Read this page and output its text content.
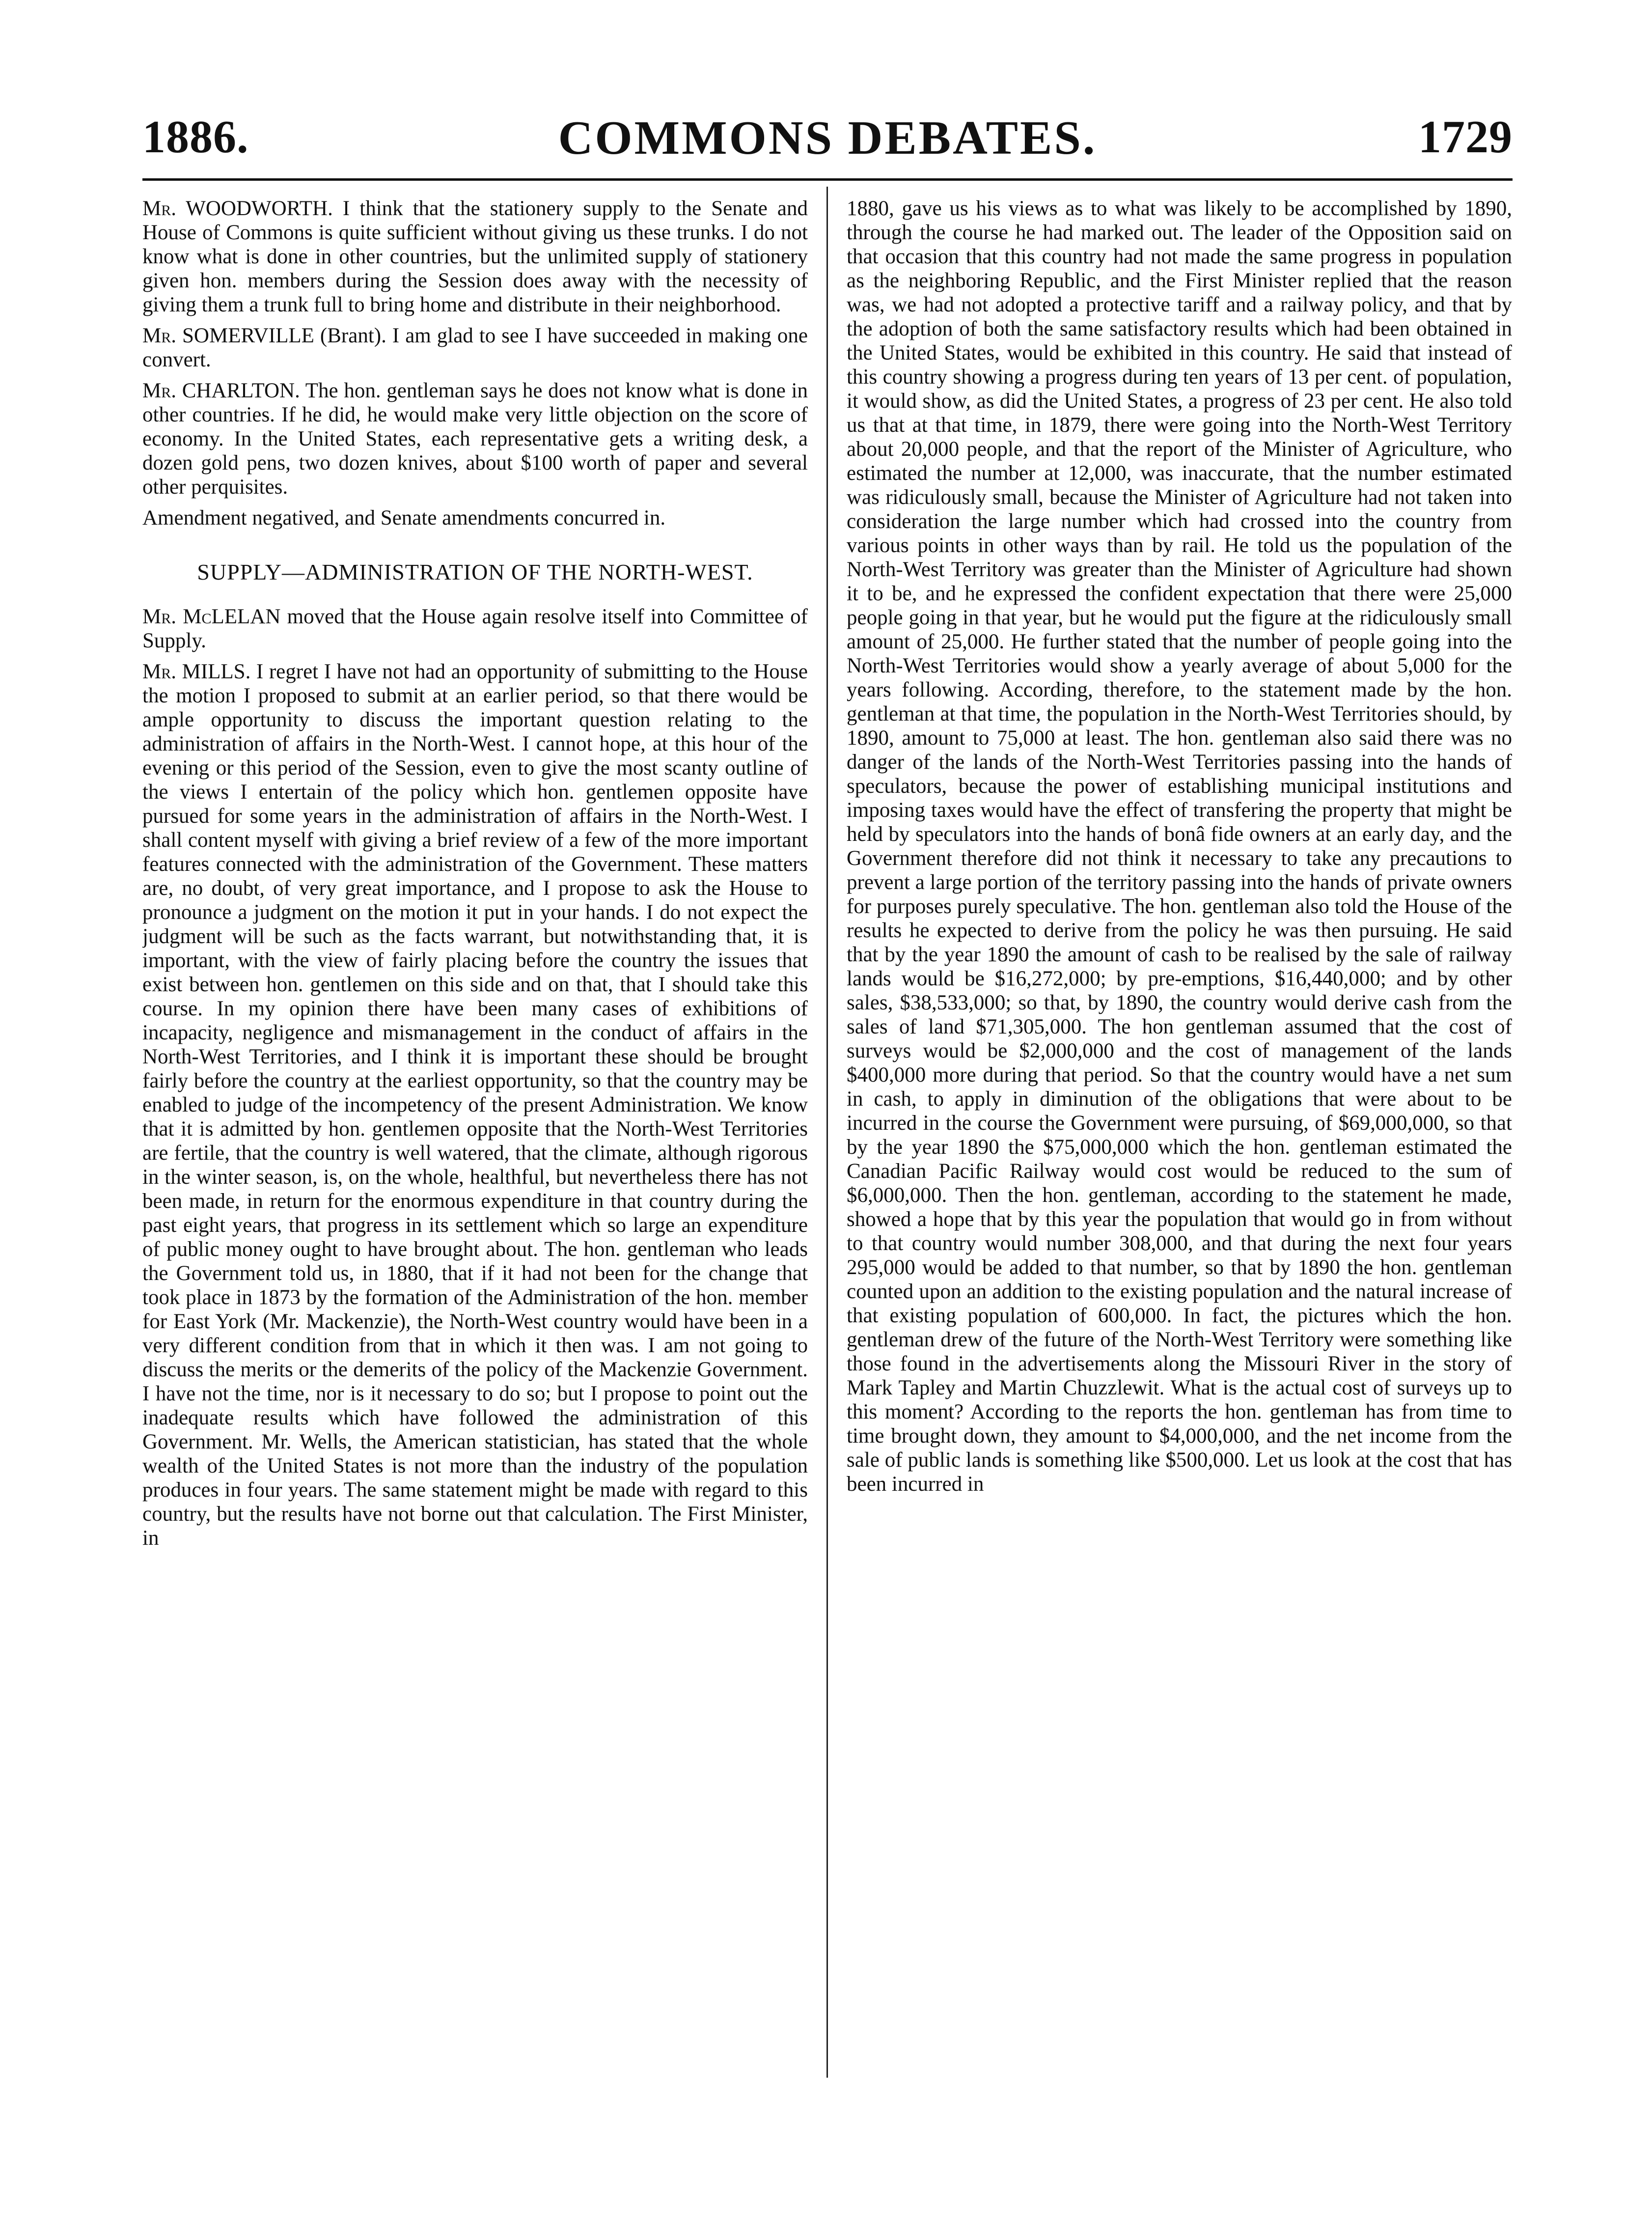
1886.	COMMONS DEBATES.	1729

Mr. WOODWORTH. I think that the stationery supply to the Senate and House of Commons is quite sufficient without giving us these trunks. I do not know what is done in other countries, but the unlimited supply of stationery given hon. members during the Session does away with the necessity of giving them a trunk full to bring home and distribute in their neighborhood.

Mr. SOMERVILLE (Brant). I am glad to see I have succeeded in making one convert.

Mr. CHARLTON. The hon. gentleman says he does not know what is done in other countries. If he did, he would make very little objection on the score of economy. In the United States, each representative gets a writing desk, a dozen gold pens, two dozen knives, about $100 worth of paper and several other perquisites.

Amendment negatived, and Senate amendments concurred in.

SUPPLY—ADMINISTRATION OF THE NORTH-WEST.

Mr. McLELAN moved that the House again resolve itself into Committee of Supply.

Mr. MILLS. I regret I have not had an opportunity of submitting to the House the motion I proposed to submit at an earlier period, so that there would be ample opportunity to discuss the important question relating to the administration of affairs in the North-West. I cannot hope, at this hour of the evening or this period of the Session, even to give the most scanty outline of the views I entertain of the policy which hon. gentlemen opposite have pursued for some years in the administration of affairs in the North-West. I shall content myself with giving a brief review of a few of the more important features connected with the administration of the Government. These matters are, no doubt, of very great importance, and I propose to ask the House to pronounce a judgment on the motion it put in your hands. I do not expect the judgment will be such as the facts warrant, but notwithstanding that, it is important, with the view of fairly placing before the country the issues that exist between hon. gentlemen on this side and on that, that I should take this course. In my opinion there have been many cases of exhibitions of incapacity, negligence and mismanagement in the conduct of affairs in the North-West Territories, and I think it is important these should be brought fairly before the country at the earliest opportunity, so that the country may be enabled to judge of the incompetency of the present Administration. We know that it is admitted by hon. gentlemen opposite that the North-West Territories are fertile, that the country is well watered, that the climate, although rigorous in the winter season, is, on the whole, healthful, but nevertheless there has not been made, in return for the enormous expenditure in that country during the past eight years, that progress in its settlement which so large an expenditure of public money ought to have brought about. The hon. gentleman who leads the Government told us, in 1880, that if it had not been for the change that took place in 1873 by the formation of the Administration of the hon. member for East York (Mr. Mackenzie), the North-West country would have been in a very different condition from that in which it then was. I am not going to discuss the merits or the demerits of the policy of the Mackenzie Government. I have not the time, nor is it necessary to do so; but I propose to point out the inadequate results which have followed the administration of this Government. Mr. Wells, the American statistician, has stated that the whole wealth of the United States is not more than the industry of the population produces in four years. The same statement might be made with regard to this country, but the results have not borne out that calculation. The First Minister, in

1880, gave us his views as to what was likely to be accomplished by 1890, through the course he had marked out. The leader of the Opposition said on that occasion that this country had not made the same progress in population as the neighboring Republic, and the First Minister replied that the reason was, we had not adopted a protective tariff and a railway policy, and that by the adoption of both the same satisfactory results which had been obtained in the United States, would be exhibited in this country. He said that instead of this country showing a progress during ten years of 13 per cent. of population, it would show, as did the United States, a progress of 23 per cent. He also told us that at that time, in 1879, there were going into the North-West Territory about 20,000 people, and that the report of the Minister of Agriculture, who estimated the number at 12,000, was inaccurate, that the number estimated was ridiculously small, because the Minister of Agriculture had not taken into consideration the large number which had crossed into the country from various points in other ways than by rail. He told us the population of the North-West Territory was greater than the Minister of Agriculture had shown it to be, and he expressed the confident expectation that there were 25,000 people going in that year, but he would put the figure at the ridiculously small amount of 25,000. He further stated that the number of people going into the North-West Territories would show a yearly average of about 5,000 for the years following. According, therefore, to the statement made by the hon. gentleman at that time, the population in the North-West Territories should, by 1890, amount to 75,000 at least. The hon. gentleman also said there was no danger of the lands of the North-West Territories passing into the hands of speculators, because the power of establishing municipal institutions and imposing taxes would have the effect of transfering the property that might be held by speculators into the hands of bonâ fide owners at an early day, and the Government therefore did not think it necessary to take any precautions to prevent a large portion of the territory passing into the hands of private owners for purposes purely speculative. The hon. gentleman also told the House of the results he expected to derive from the policy he was then pursuing. He said that by the year 1890 the amount of cash to be realised by the sale of railway lands would be $16,272,000; by pre-emptions, $16,440,000; and by other sales, $38,533,000; so that, by 1890, the country would derive cash from the sales of land $71,305,000. The hon gentleman assumed that the cost of surveys would be $2,000,000 and the cost of management of the lands $400,000 more during that period. So that the country would have a net sum in cash, to apply in diminution of the obligations that were about to be incurred in the course the Government were pursuing, of $69,000,000, so that by the year 1890 the $75,000,000 which the hon. gentleman estimated the Canadian Pacific Railway would cost would be reduced to the sum of $6,000,000. Then the hon. gentleman, according to the statement he made, showed a hope that by this year the population that would go in from without to that country would number 308,000, and that during the next four years 295,000 would be added to that number, so that by 1890 the hon. gentleman counted upon an addition to the existing population and the natural increase of that existing population of 600,000. In fact, the pictures which the hon. gentleman drew of the future of the North-West Territory were something like those found in the advertisements along the Missouri River in the story of Mark Tapley and Martin Chuzzlewit. What is the actual cost of surveys up to this moment? According to the reports the hon. gentleman has from time to time brought down, they amount to $4,000,000, and the net income from the sale of public lands is something like $500,000. Let us look at the cost that has been incurred in
